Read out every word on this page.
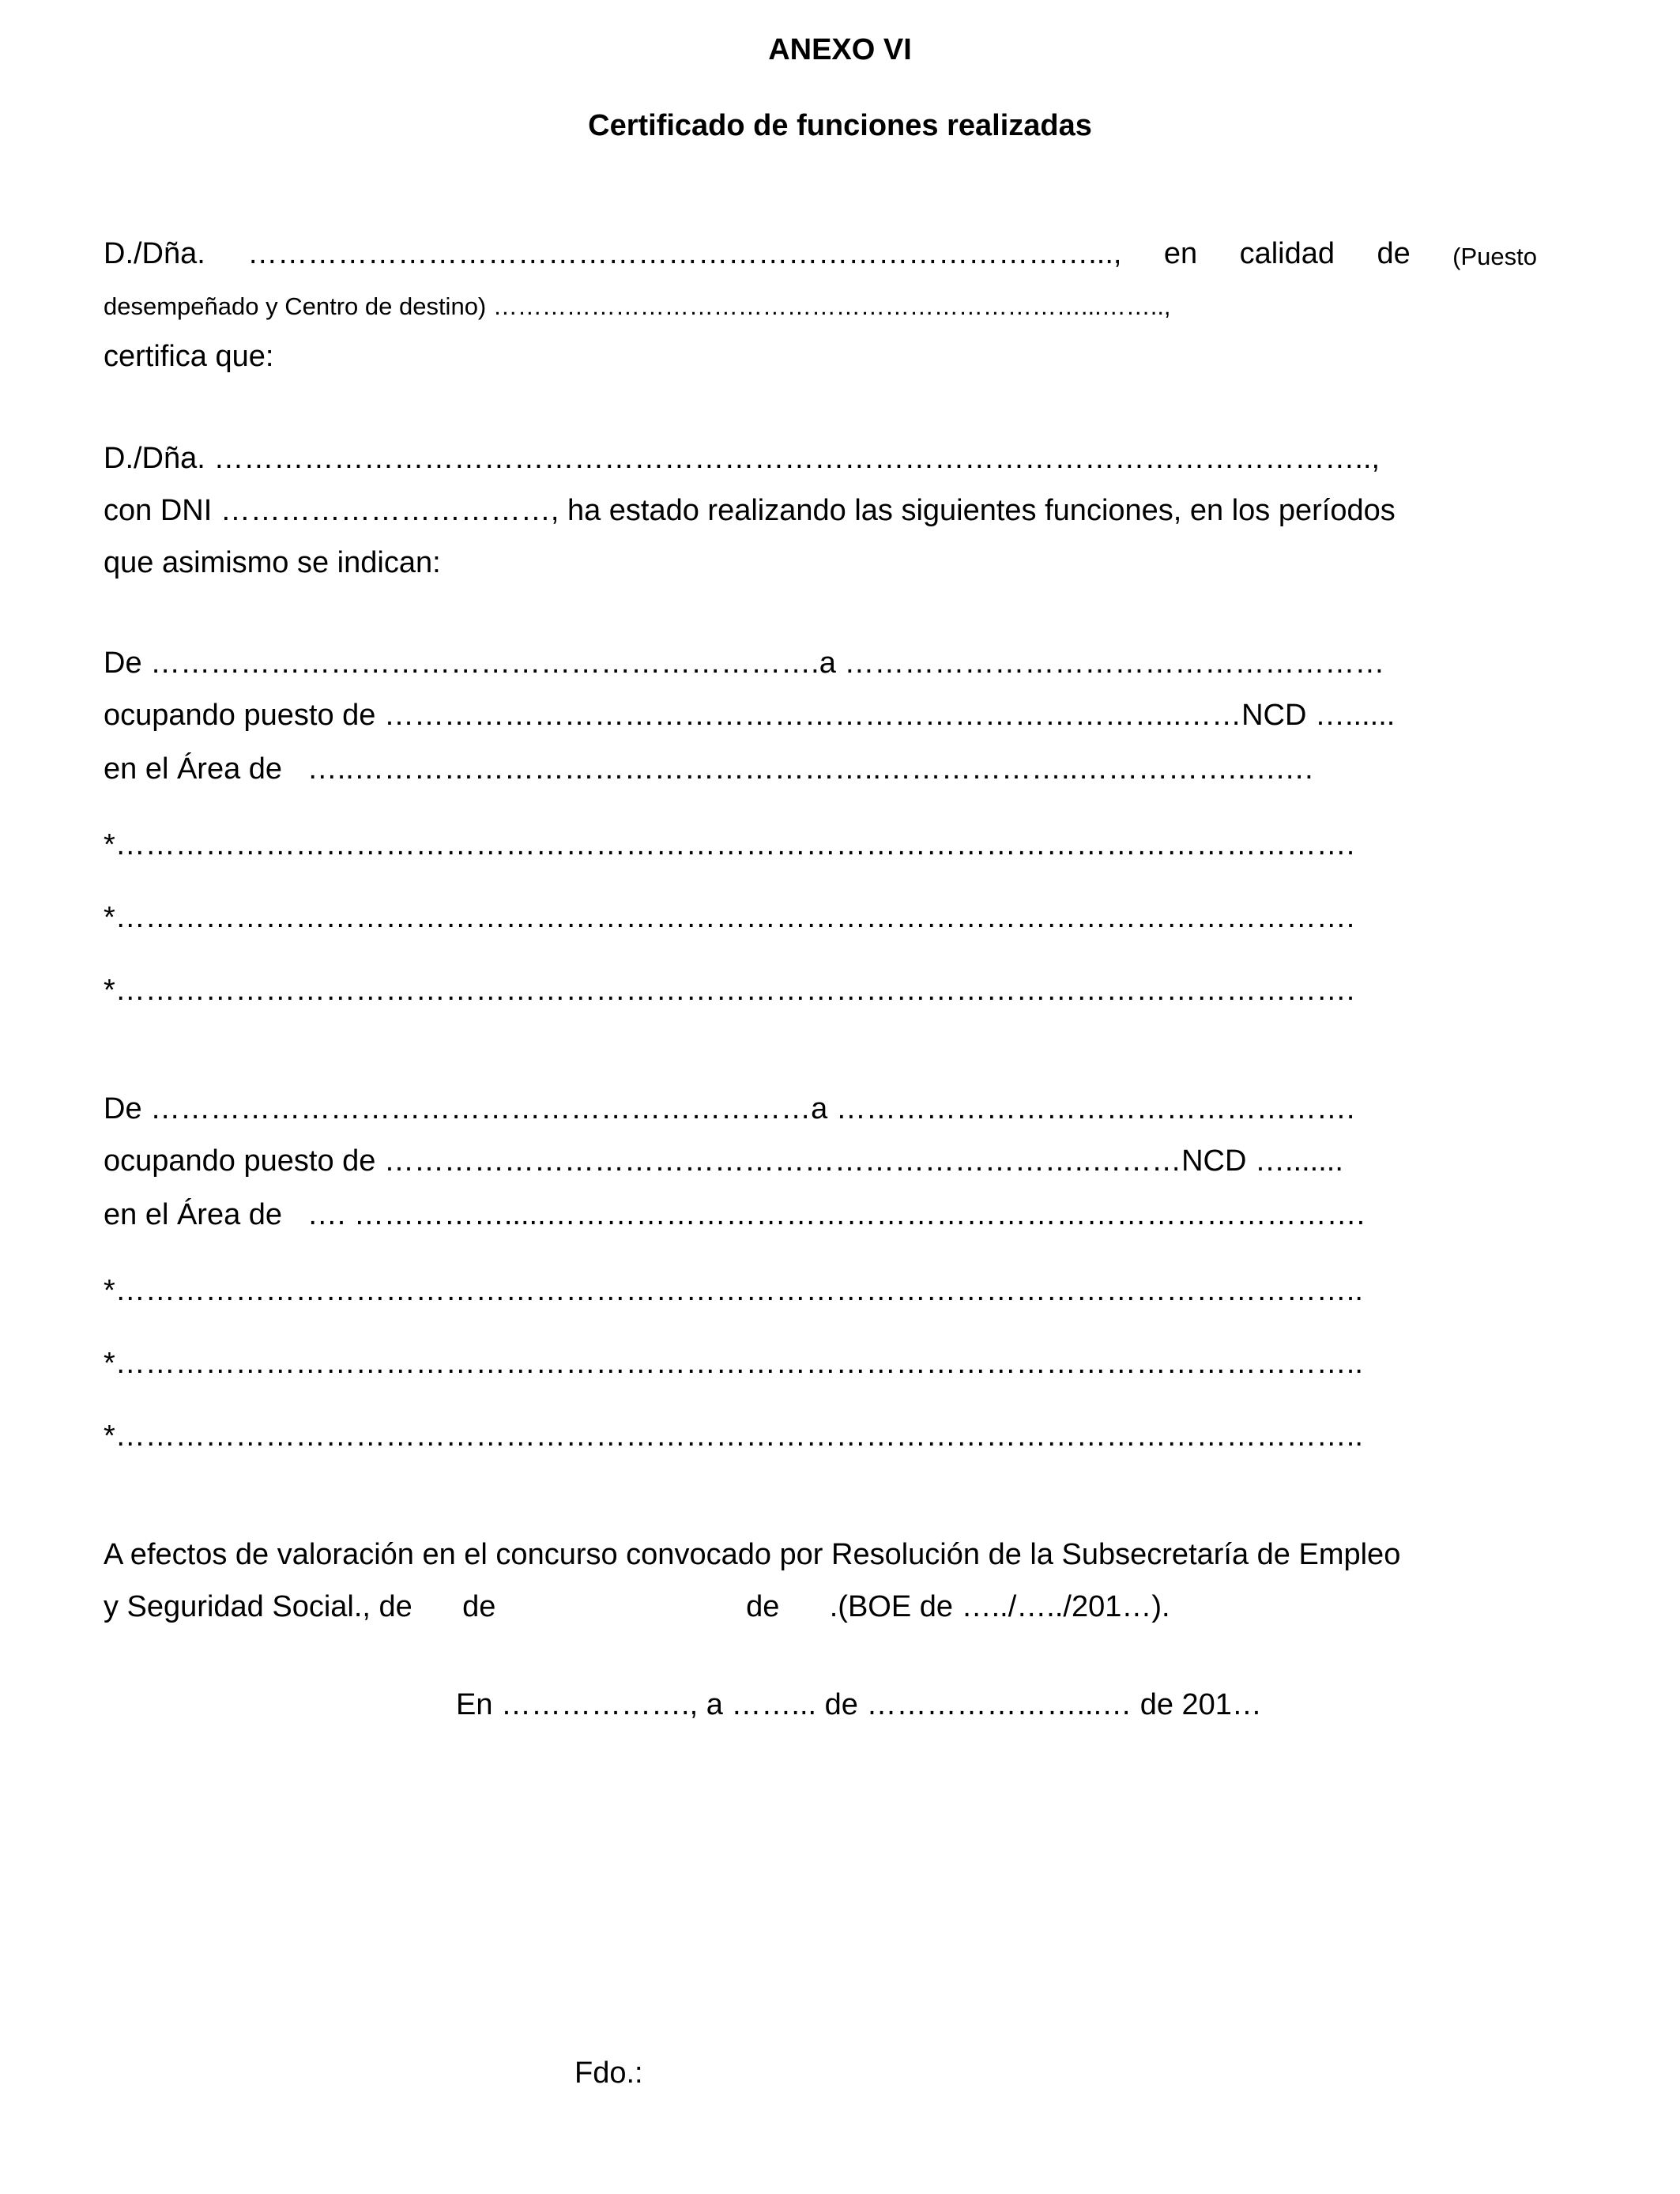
ANEXO VI
Certificado de funciones realizadas
D./Dña. …………………………………………………………………………..., en calidad de (Puesto
desempeñado y Centro de destino) ………………………………………………………………...……..,
certifica que:
D./Dña. ……………………………………………………………………………………………………..,
con DNI ……………………………, ha estado realizando las siguientes funciones, en los períodos
que asimismo se indican:
De ………………………………………………………….a ………………………………………………
ocupando puesto de ……………………………………………………………………..……NCD …......
en el Área de   …..……………………………………………..………………..…………….….….
*…………………………………………………………………………………………………………….
*…………………………………………………………………………………………………………….
*…………………………………………………………………………………………………………….
De …………………………………………………………a …………………………………………….
ocupando puesto de ……………………………………………………………..………NCD ….......
en el Área de   …. …………….....……………………………………………………………………….
*……………………………………………………………………………………………………………..
*……………………………………………………………………………………………………………..
*……………………………………………………………………………………………………………..
A efectos de valoración en el concurso convocado por Resolución de la Subsecretaría de Empleo
y Seguridad Social., de      de                              de      .(BOE de …../…../201…).
En ………………., a ……... de …………………...… de 201…
Fdo.:
